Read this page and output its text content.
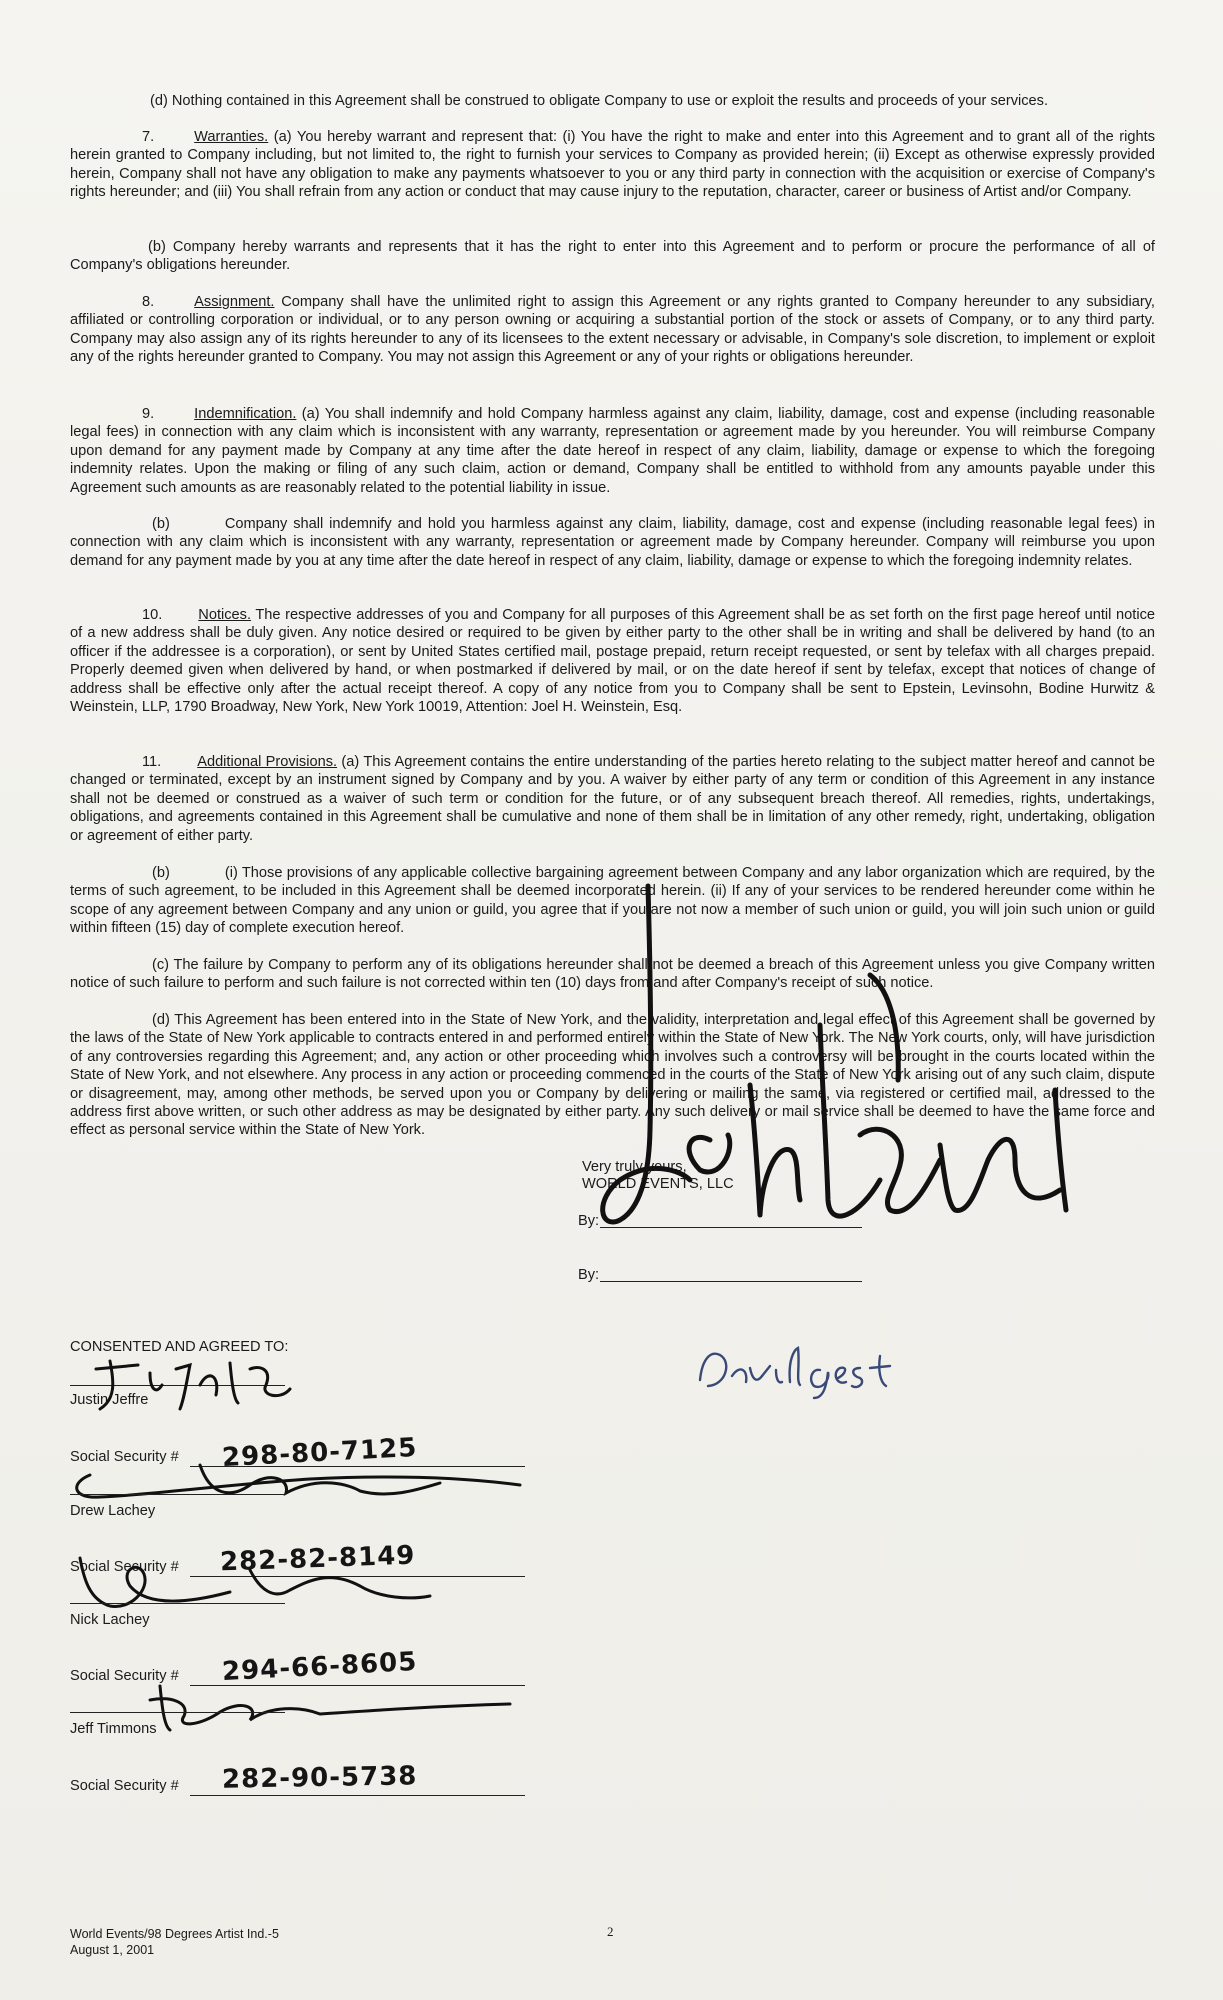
(d) Nothing contained in this Agreement shall be construed to obligate Company to use or exploit the results and proceeds of your services.

7.	Warranties. (a) You hereby warrant and represent that: (i) You have the right to make and enter into this Agreement and to grant all of the rights herein granted to Company including, but not limited to, the right to furnish your services to Company as provided herein; (ii) Except as otherwise expressly provided herein, Company shall not have any obligation to make any payments whatsoever to you or any third party in connection with the acquisition or exercise of Company's rights hereunder; and (iii) You shall refrain from any action or conduct that may cause injury to the reputation, character, career or business of Artist and/or Company.

(b) Company hereby warrants and represents that it has the right to enter into this Agreement and to perform or procure the performance of all of Company's obligations hereunder.

8.	Assignment. Company shall have the unlimited right to assign this Agreement or any rights granted to Company hereunder to any subsidiary, affiliated or controlling corporation or individual, or to any person owning or acquiring a substantial portion of the stock or assets of Company, or to any third party. Company may also assign any of its rights hereunder to any of its licensees to the extent necessary or advisable, in Company's sole discretion, to implement or exploit any of the rights hereunder granted to Company. You may not assign this Agreement or any of your rights or obligations hereunder.

9.	Indemnification. (a) You shall indemnify and hold Company harmless against any claim, liability, damage, cost and expense (including reasonable legal fees) in connection with any claim which is inconsistent with any warranty, representation or agreement made by you hereunder. You will reimburse Company upon demand for any payment made by Company at any time after the date hereof in respect of any claim, liability, damage or expense to which the foregoing indemnity relates. Upon the making or filing of any such claim, action or demand, Company shall be entitled to withhold from any amounts payable under this Agreement such amounts as are reasonably related to the potential liability in issue.

(b)	Company shall indemnify and hold you harmless against any claim, liability, damage, cost and expense (including reasonable legal fees) in connection with any claim which is inconsistent with any warranty, representation or agreement made by Company hereunder. Company will reimburse you upon demand for any payment made by you at any time after the date hereof in respect of any claim, liability, damage or expense to which the foregoing indemnity relates.

10. Notices. The respective addresses of you and Company for all purposes of this Agreement shall be as set forth on the first page hereof until notice of a new address shall be duly given. Any notice desired or required to be given by either party to the other shall be in writing and shall be delivered by hand (to an officer if the addressee is a corporation), or sent by United States certified mail, postage prepaid, return receipt requested, or sent by telefax with all charges prepaid. Properly deemed given when delivered by hand, or when postmarked if delivered by mail, or on the date hereof if sent by telefax, except that notices of change of address shall be effective only after the actual receipt thereof. A copy of any notice from you to Company shall be sent to Epstein, Levinsohn, Bodine Hurwitz & Weinstein, LLP, 1790 Broadway, New York, New York 10019, Attention: Joel H. Weinstein, Esq.

11. Additional Provisions. (a) This Agreement contains the entire understanding of the parties hereto relating to the subject matter hereof and cannot be changed or terminated, except by an instrument signed by Company and by you. A waiver by either party of any term or condition of this Agreement in any instance shall not be deemed or construed as a waiver of such term or condition for the future, or of any subsequent breach thereof. All remedies, rights, undertakings, obligations, and agreements contained in this Agreement shall be cumulative and none of them shall be in limitation of any other remedy, right, undertaking, obligation or agreement of either party.

(b)	(i) Those provisions of any applicable collective bargaining agreement between Company and any labor organization which are required, by the terms of such agreement, to be included in this Agreement shall be deemed incorporated herein. (ii) If any of your services to be rendered hereunder come within he scope of any agreement between Company and any union or guild, you agree that if you are not now a member of such union or guild, you will join such union or guild within fifteen (15) day of complete execution hereof.

(c) The failure by Company to perform any of its obligations hereunder shall not be deemed a breach of this Agreement unless you give Company written notice of such failure to perform and such failure is not corrected within ten (10) days from and after Company's receipt of such notice.

(d) This Agreement has been entered into in the State of New York, and the validity, interpretation and legal effect of this Agreement shall be governed by the laws of the State of New York applicable to contracts entered in and performed entirely within the State of New York. The New York courts, only, will have jurisdiction of any controversies regarding this Agreement; and, any action or other proceeding which involves such a controversy will be brought in the courts located within the State of New York, and not elsewhere. Any process in any action or proceeding commenced in the courts of the State of New York arising out of any such claim, dispute or disagreement, may, among other methods, be served upon you or Company by delivering or mailing the same, via registered or certified mail, addressed to the address first above written, or such other address as may be designated by either party. Any such delivery or mail service shall be deemed to have the same force and effect as personal service within the State of New York.

Very truly yours,
WORLD EVENTS, LLC
By:
By:
CONSENTED AND AGREED TO:
Justin Jeffre
Social Security # 298-80-7125
Drew Lachey
Social Security # 282-82-8149
Nick Lachey
Social Security # 294-66-8605
Jeff Timmons
Social Security # 282-90-5738
World Events/98 Degrees Artist Ind.-5
August 1, 2001
2
